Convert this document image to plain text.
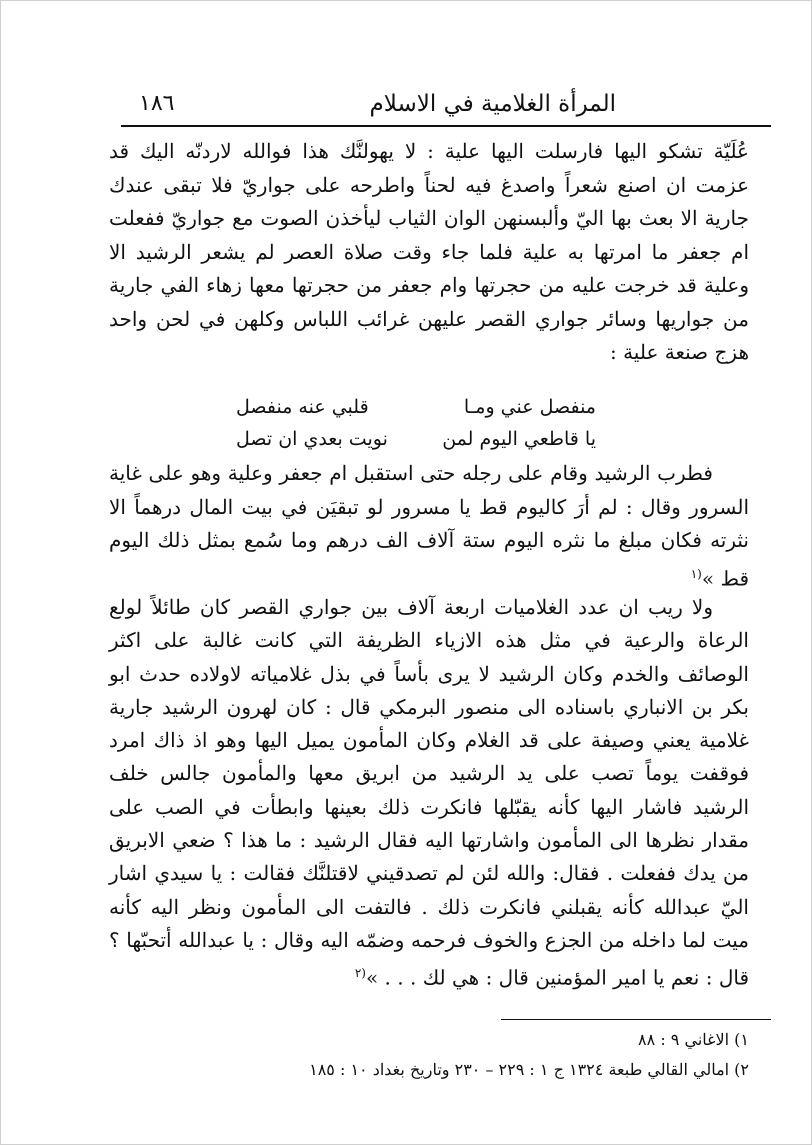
المرأة الغلامية في الاسلام
١٨٦

عُلَيّة تشكو اليها فارسلت اليها علية : لا يهولنَّك هذا فوالله لاردنّه اليك قد عزمت ان اصنع شعراً واصدغ فيه لحناً واطرحه على جواريّ فلا تبقى عندك جارية الا بعث بها اليّ وألبسنهن الوان الثياب ليأخذن الصوت مع جواريّ ففعلت ام جعفر ما امرتها به علية فلما جاء وقت صلاة العصر لم يشعر الرشيد الا وعلية قد خرجت عليه من حجرتها وام جعفر من حجرتها معها زهاء الفي جارية من جواريها وسائر جواري القصر عليهن غرائب اللباس وكلهن في لحن واحد هزج صنعة علية :

منفصل عني ومـا
قلبي عنه منفصل
يا قاطعي اليوم لمن
نويت بعدي ان تصل

فطرب الرشيد وقام على رجله حتى استقبل ام جعفر وعلية وهو على غاية السرور وقال : لم أرَ كاليوم قط يا مسرور لو تبقيَن في بيت المال درهماً الا نثرته فكان مبلغ ما نثره اليوم ستة آلاف الف درهم وما سُمع بمثل ذلك اليوم قط »$^{(١}$

ولا ريب ان عدد الغلاميات اربعة آلاف بين جواري القصر كان طائلاً لولع الرعاة والرعية في مثل هذه الازياء الظريفة التي كانت غالبة على اكثر الوصائف والخدم وكان الرشيد لا يرى بأساً في بذل غلامياته لاولاده حدث ابو بكر بن الانباري باسناده الى منصور البرمكي قال : كان لهرون الرشيد جارية غلامية يعني وصيفة على قد الغلام وكان المأمون يميل اليها وهو اذ ذاك امرد فوقفت يوماً تصب على يد الرشيد من ابريق معها والمأمون جالس خلف الرشيد فاشار اليها كأنه يقبّلها فانكرت ذلك بعينها وابطأت في الصب على مقدار نظرها الى المأمون واشارتها اليه فقال الرشيد : ما هذا ؟ ضعي الابريق من يدك ففعلت . فقال: والله لئن لم تصدقيني لاقتلنَّك فقالت : يا سيدي اشار اليّ عبدالله كأنه يقبلني فانكرت ذلك . فالتفت الى المأمون ونظر اليه كأنه ميت لما داخله من الجزع والخوف فرحمه وضمّه اليه وقال : يا عبدالله أتحبّها ؟ قال : نعم يا امير المؤمنين قال : هي لك . . . »$^{(٢}$

١) الاغاني ٩ : ٨٨
٢) امالي القالي طبعة ١٣٢٤ ج ١ : ٢٢٩ – ٢٣٠ وتاريخ بغداد ١٠ : ١٨٥
